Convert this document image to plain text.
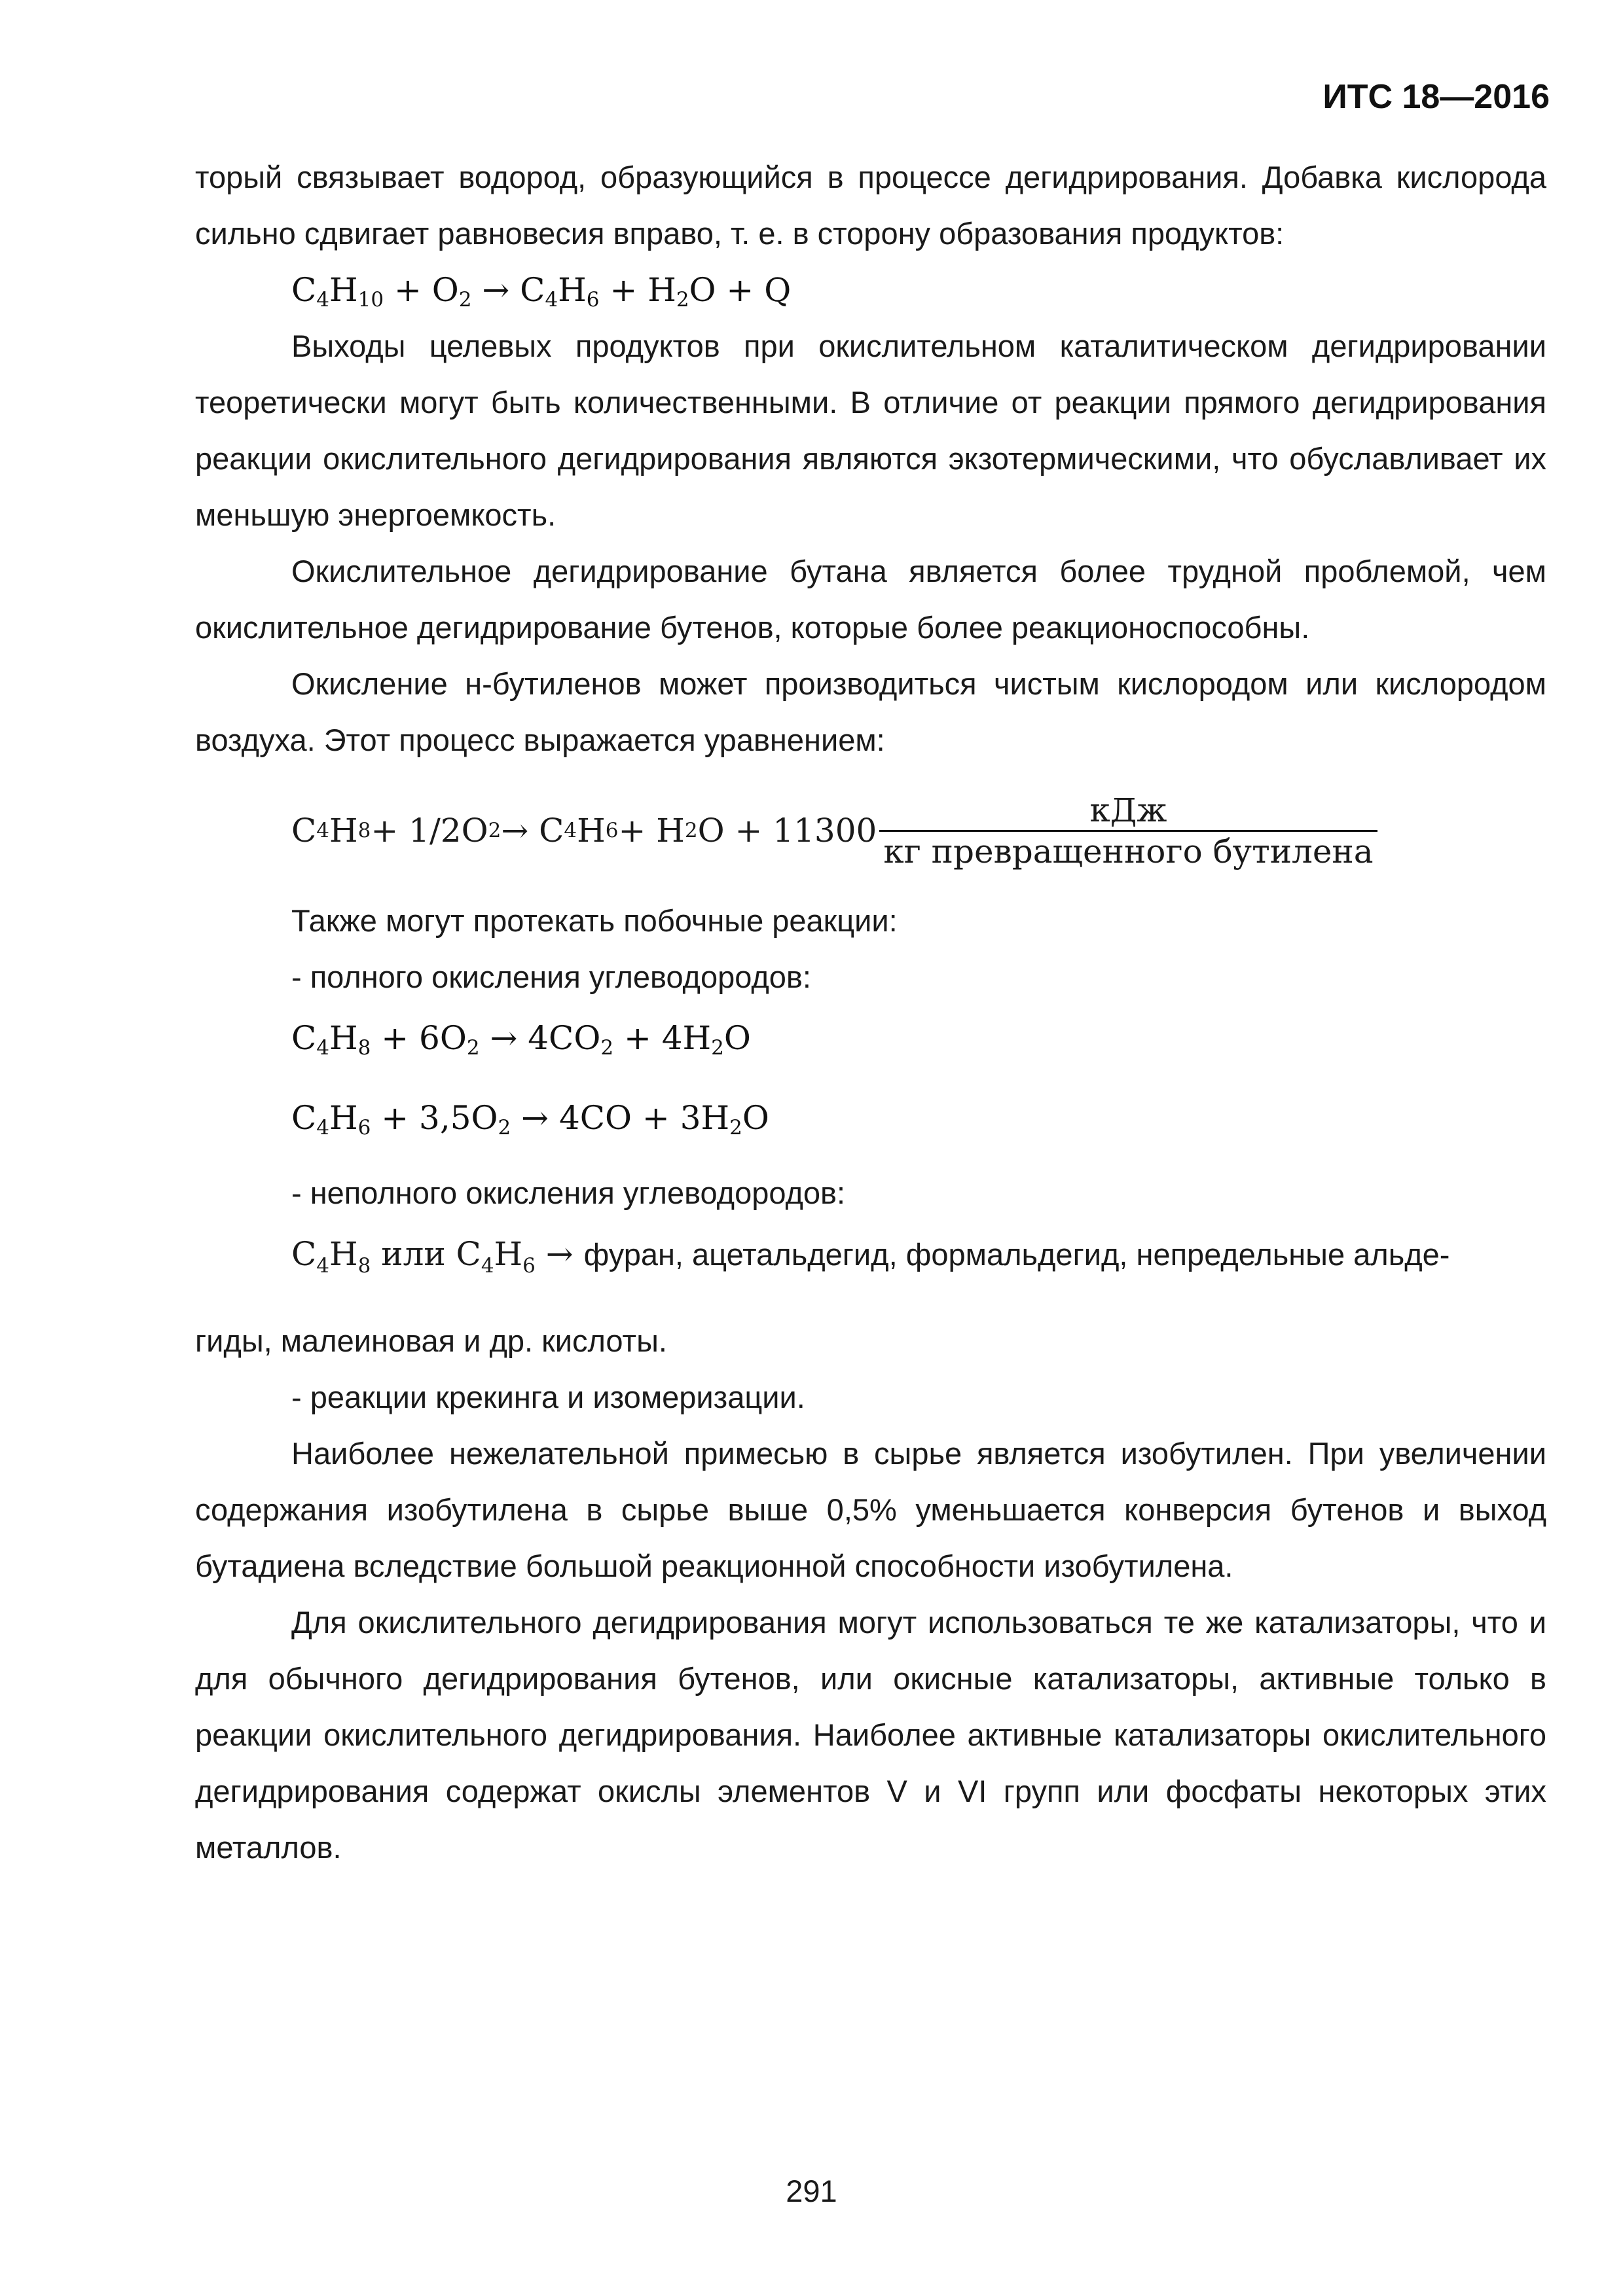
ИТС 18—2016

торый связывает водород, образующийся в процессе дегидрирования. Добавка кислорода сильно сдвигает равновесия вправо, т. е. в сторону образования продуктов:

$C_4H_{10} + O_2 \to C_4H_6 + H_2O + Q$

Выходы целевых продуктов при окислительном каталитическом дегидрировании теоретически могут быть количественными. В отличие от реакции прямого дегидрирования реакции окислительного дегидрирования являются экзотермическими, что обуславливает их меньшую энергоемкость.

Окислительное дегидрирование бутана является более трудной проблемой, чем окислительное дегидрирование бутенов, которые более реакционоспособны.

Окисление н-бутиленов может производиться чистым кислородом или кислородом воздуха. Этот процесс выражается уравнением:

C 4 H 8 + 1/2O 2 → C 4 H 6 + H 2 $O + 11300 \frac{\text{кДж}}{\text{кг превращенного бутилена}}$

Также могут протекать побочные реакции:

- полного окисления углеводородов:

$C_4H_8 + 6O_2 \to 4CO_2 + 4H_2O$

$C_4H_6 + 3,5O_2 \to 4CO + 3H_2O$

- неполного окисления углеводородов:

$C_4H_8$ или $C_4H_6$ → фуран, ацетальдегид, формальдегид, непредельные альде-

гиды, малеиновая и др. кислоты.

- реакции крекинга и изомеризации.

Наиболее нежелательной примесью в сырье является изобутилен. При увеличении содержания изобутилена в сырье выше 0,5% уменьшается конверсия бутенов и выход бутадиена вследствие большой реакционной способности изобутилена.

Для окислительного дегидрирования могут использоваться те же катализаторы, что и для обычного дегидрирования бутенов, или окисные катализаторы, активные только в реакции окислительного дегидрирования. Наиболее активные катализаторы окислительного дегидрирования содержат окислы элементов V и VI групп или фосфаты некоторых этих металлов.

291
